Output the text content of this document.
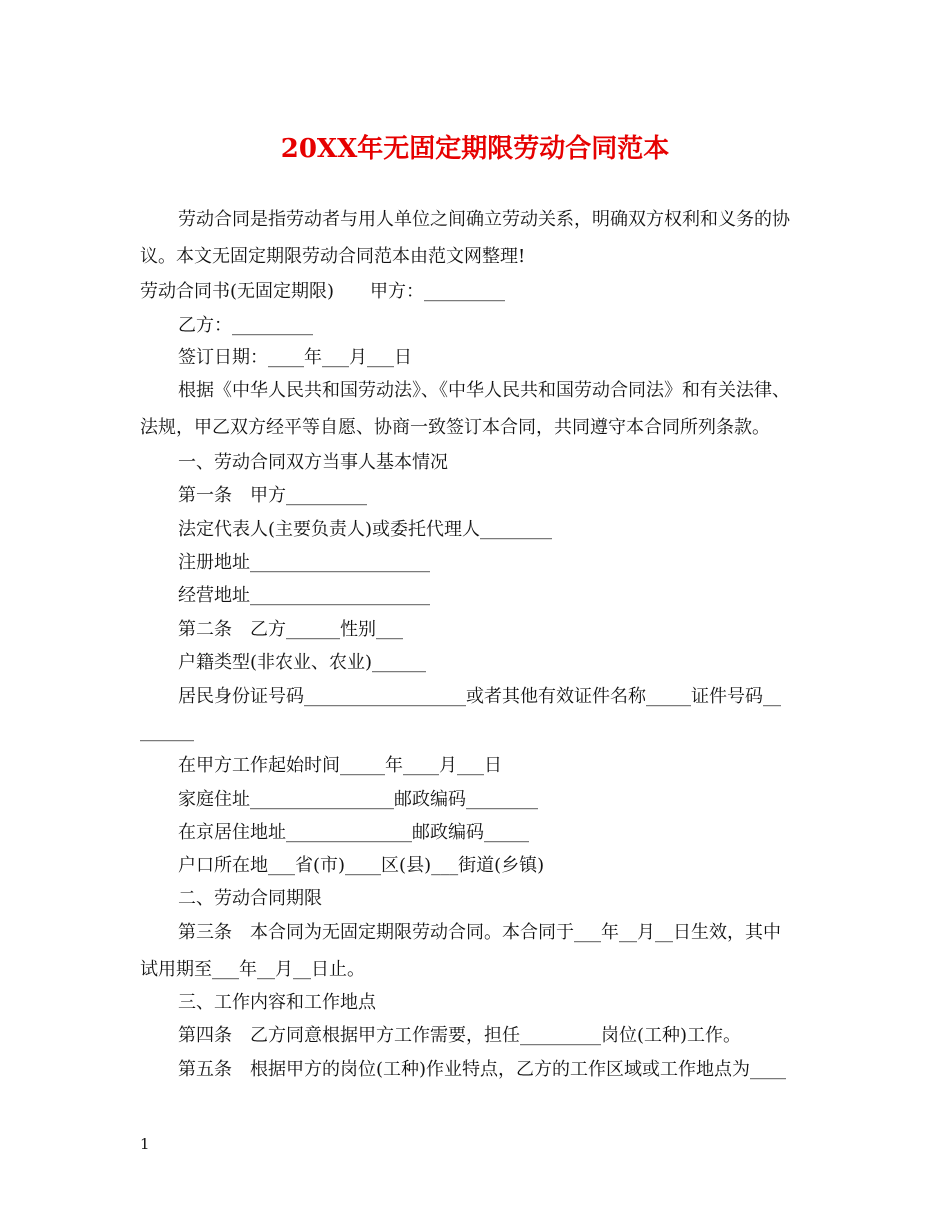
20XX年无固定期限劳动合同范本
劳动合同是指劳动者与用人单位之间确立劳动关系，明确双方权利和义务的协
议。本文无固定期限劳动合同范本由范文网整理!
劳动合同书(无固定期限)　　甲方：_________
乙方：_________
签订日期：____年___月___日
根据《中华人民共和国劳动法》、《中华人民共和国劳动合同法》和有关法律、
法规，甲乙双方经平等自愿、协商一致签订本合同，共同遵守本合同所列条款。
一、劳动合同双方当事人基本情况
第一条　甲方_________
法定代表人(主要负责人)或委托代理人________
注册地址____________________
经营地址____________________
第二条　乙方______性别___
户籍类型(非农业、农业)______
居民身份证号码__________________或者其他有效证件名称_____证件号码__
______
在甲方工作起始时间_____年____月___日
家庭住址________________邮政编码________
在京居住地址______________邮政编码_____
户口所在地___省(市)____区(县)___街道(乡镇)
二、劳动合同期限
第三条　本合同为无固定期限劳动合同。本合同于___年__月__日生效，其中
试用期至___年__月__日止。
三、工作内容和工作地点
第四条　乙方同意根据甲方工作需要，担任_________岗位(工种)工作。
第五条　根据甲方的岗位(工种)作业特点，乙方的工作区域或工作地点为____
1
